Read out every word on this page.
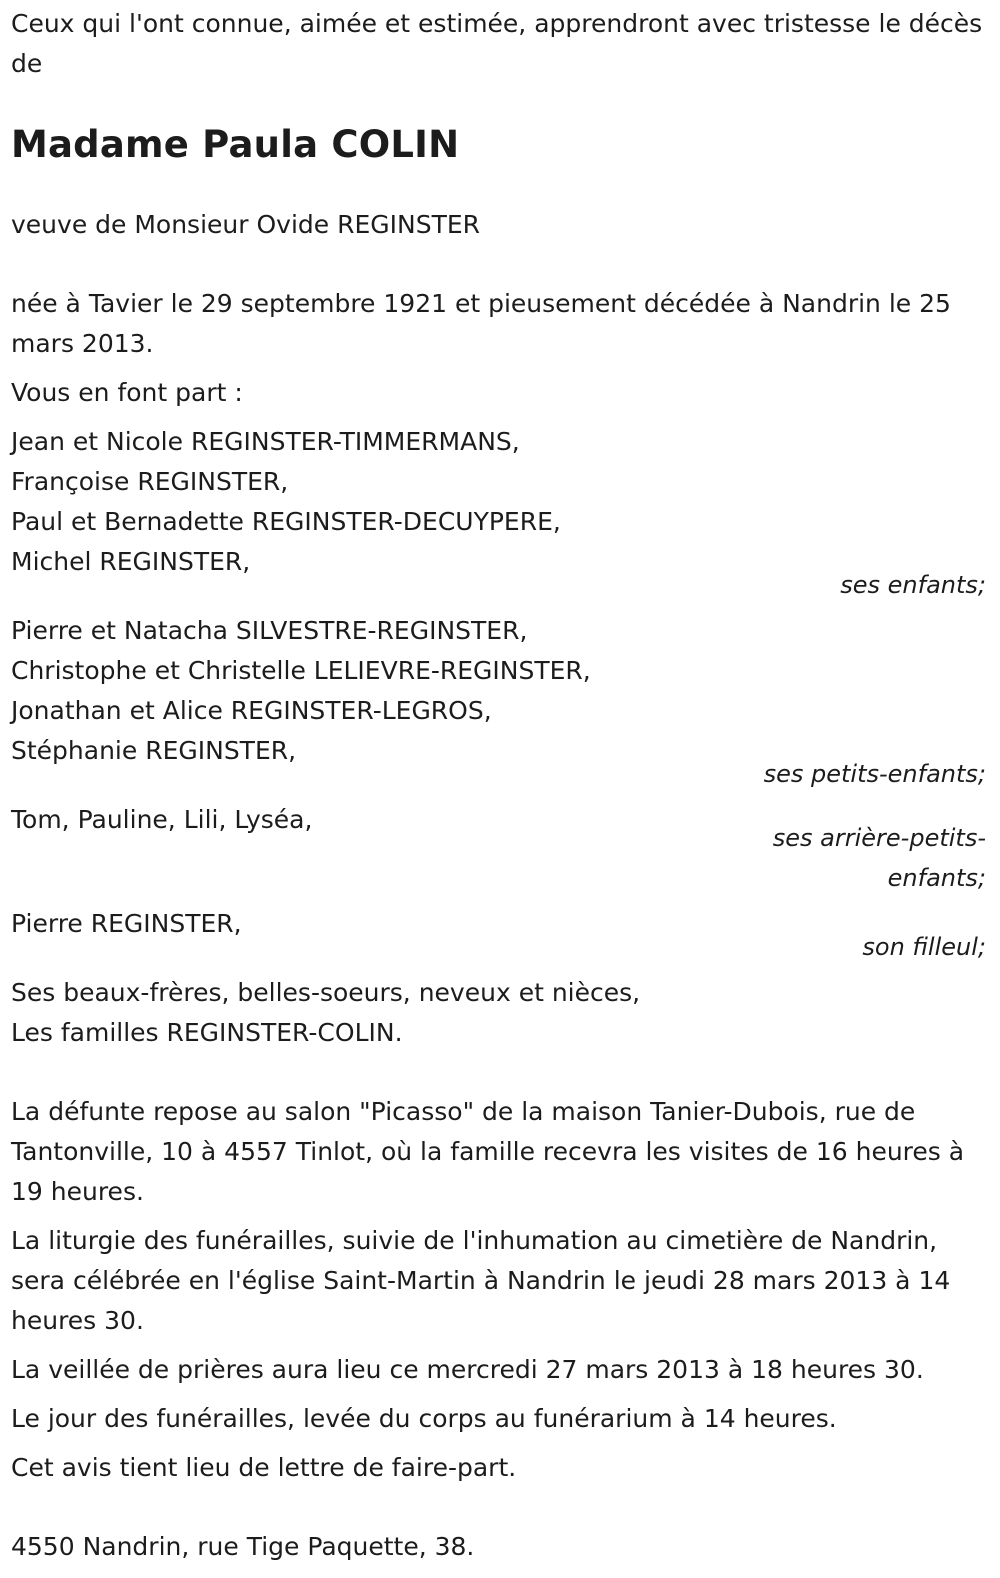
Ceux qui l'ont connue, aimée et estimée, apprendront avec tristesse le décès de

Madame Paula COLIN

veuve de Monsieur Ovide REGINSTER

née à Tavier le 29 septembre 1921 et pieusement décédée à Nandrin le 25 mars 2013.

Vous en font part :

Jean et Nicole REGINSTER-TIMMERMANS,

Françoise REGINSTER,

Paul et Bernadette REGINSTER-DECUYPERE,

Michel REGINSTER,

ses enfants;

Pierre et Natacha SILVESTRE-REGINSTER,

Christophe et Christelle LELIEVRE-REGINSTER,

Jonathan et Alice REGINSTER-LEGROS,

Stéphanie REGINSTER,

ses petits-enfants;

Tom, Pauline, Lili, Lyséa,

ses arrière-petits-enfants;

Pierre REGINSTER,

son filleul;

Ses beaux-frères, belles-soeurs, neveux et nièces,

Les familles REGINSTER-COLIN.

La défunte repose au salon "Picasso" de la maison Tanier-Dubois, rue de Tantonville, 10 à 4557 Tinlot, où la famille recevra les visites de 16 heures à 19 heures.

La liturgie des funérailles, suivie de l'inhumation au cimetière de Nandrin, sera célébrée en l'église Saint-Martin à Nandrin le jeudi 28 mars 2013 à 14 heures 30.

La veillée de prières aura lieu ce mercredi 27 mars 2013 à 18 heures 30.

Le jour des funérailles, levée du corps au funérarium à 14 heures.

Cet avis tient lieu de lettre de faire-part.

4550 Nandrin, rue Tige Paquette, 38.
